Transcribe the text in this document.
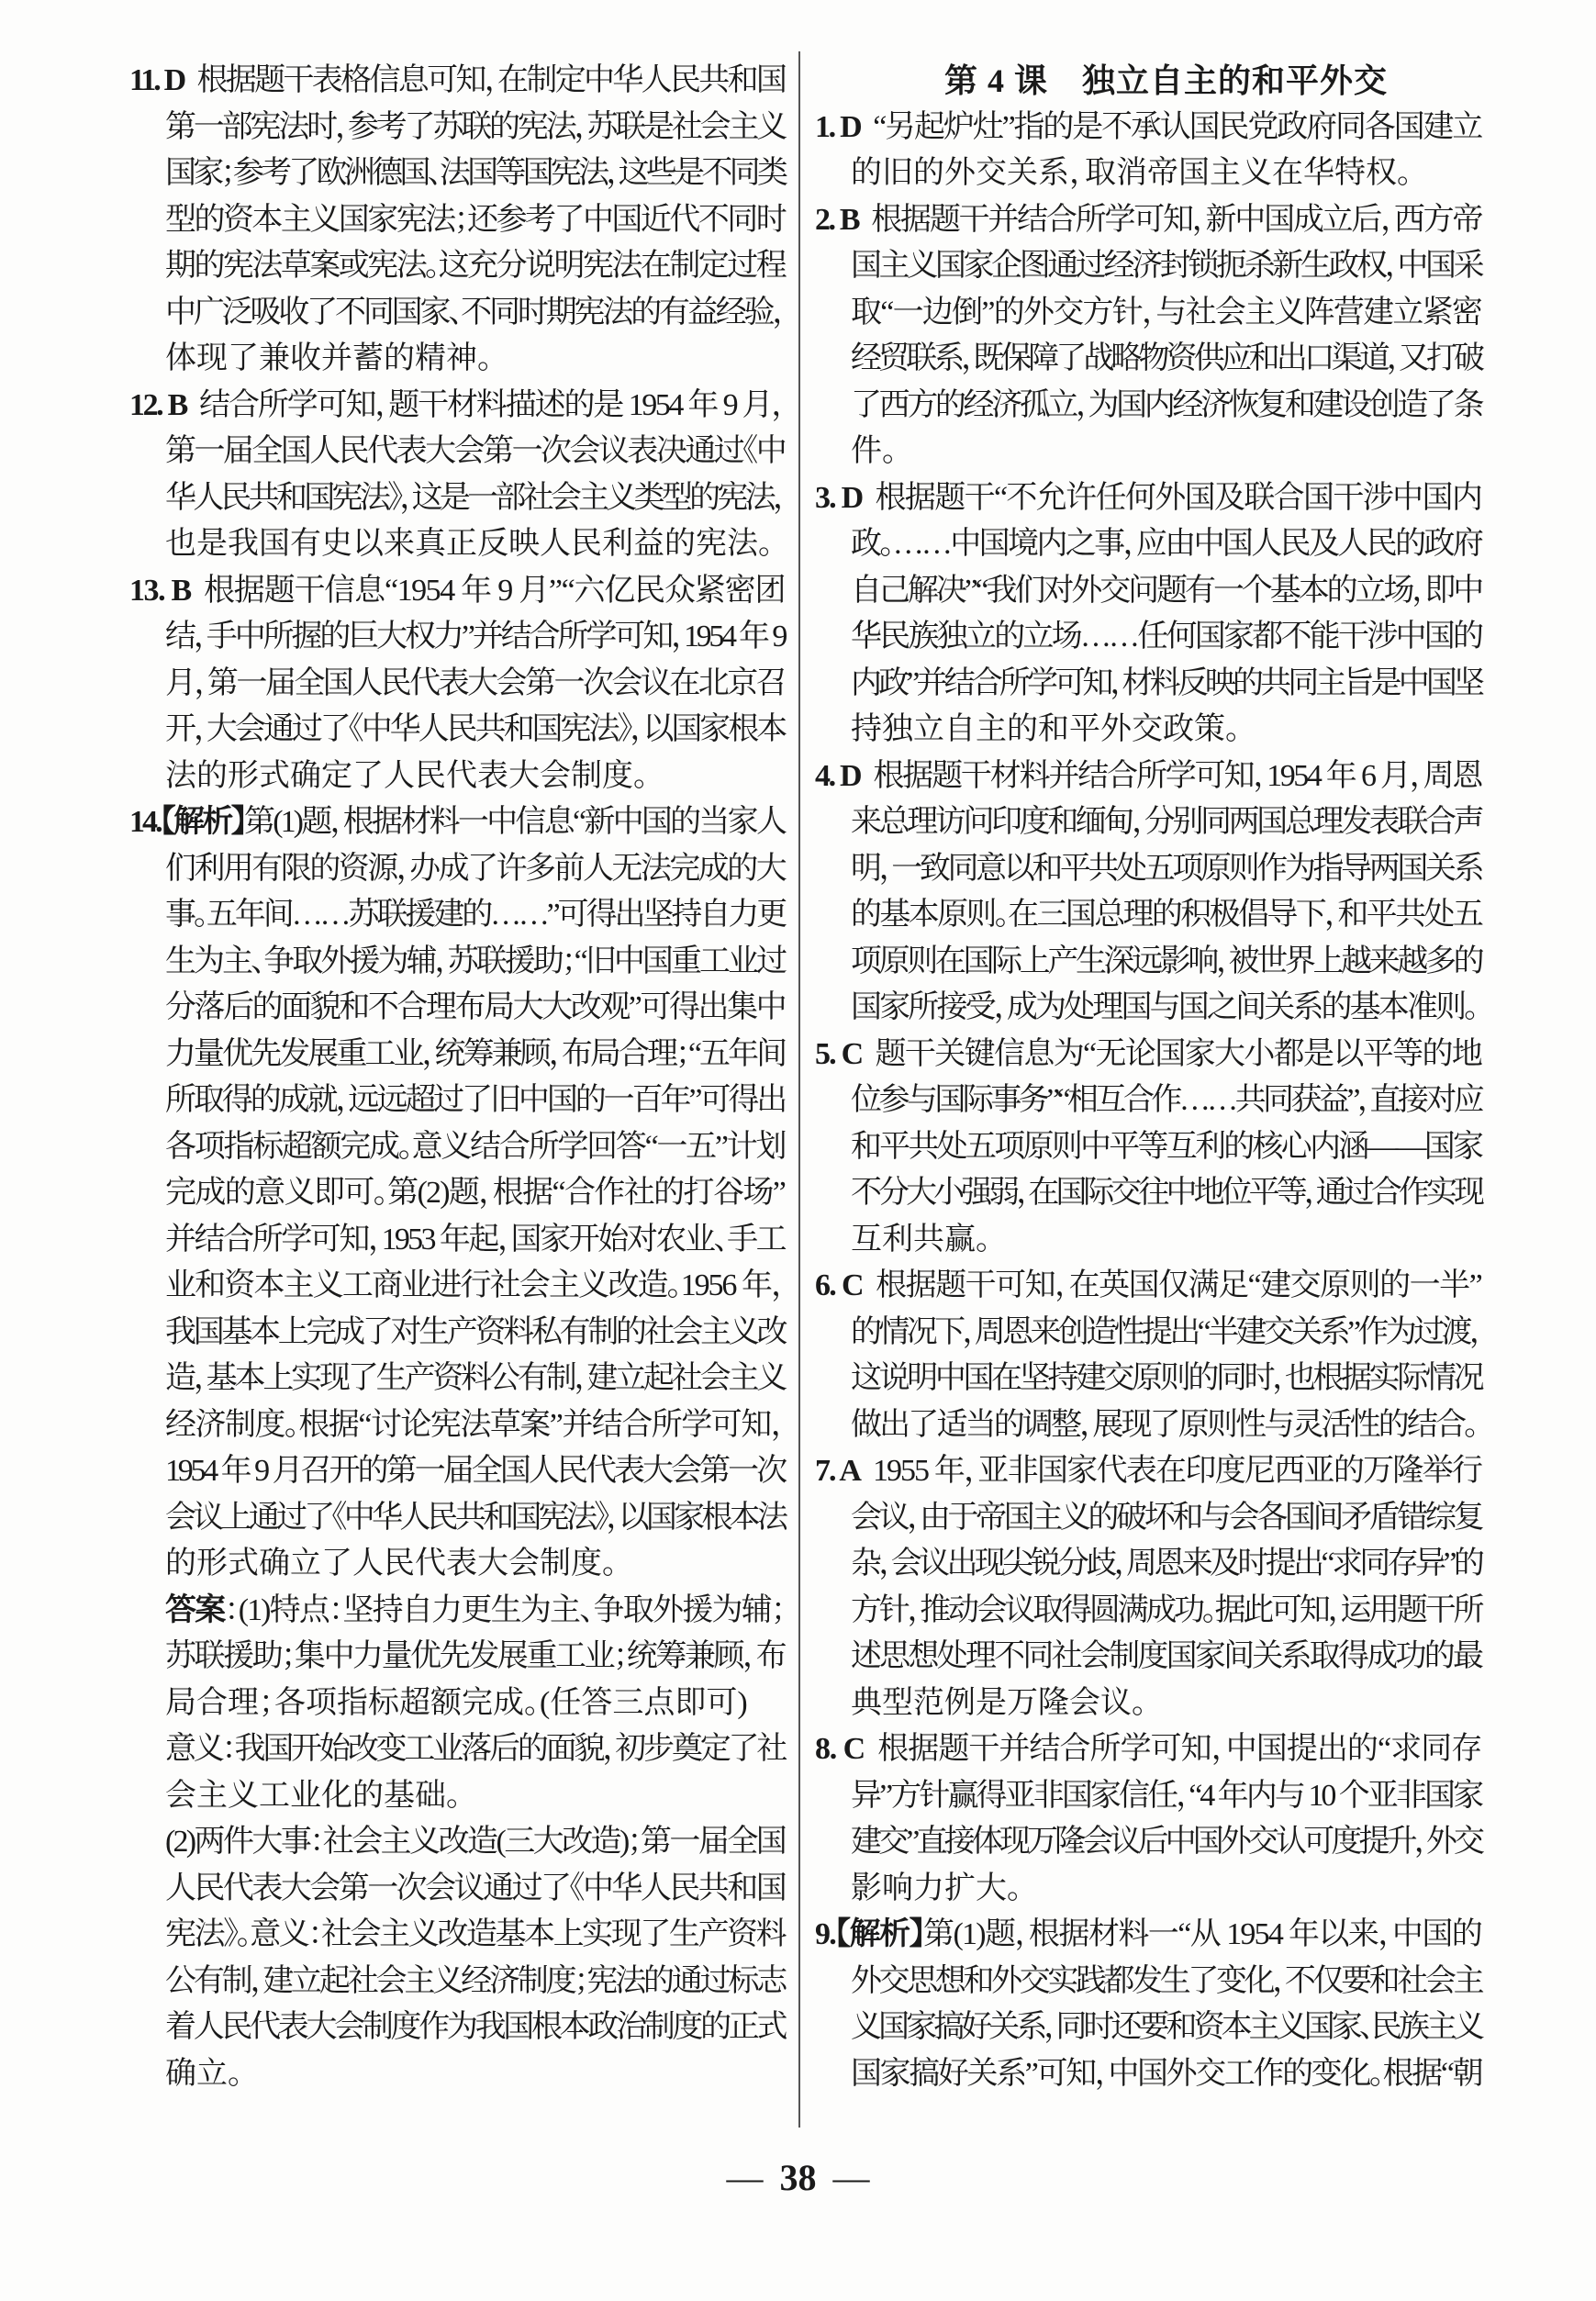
11. D 根据题干表格信息可知，在制定中华人民共和国
第一部宪法时，参考了苏联的宪法，苏联是社会主义
国家；参考了欧洲德国、法国等国宪法，这些是不同类
型的资本主义国家宪法；还参考了中国近代不同时
期的宪法草案或宪法。这充分说明宪法在制定过程
中广泛吸收了不同国家、不同时期宪法的有益经验，
体现了兼收并蓄的精神。
12. B 结合所学可知，题干材料描述的是 1954 年 9 月，
第一届全国人民代表大会第一次会议表决通过《中
华人民共和国宪法》，这是一部社会主义类型的宪法，
也是我国有史以来真正反映人民利益的宪法。
13. B 根据题干信息“1954 年 9 月”“六亿民众紧密团
结，手中所握的巨大权力”并结合所学可知，1954 年 9
月，第一届全国人民代表大会第一次会议在北京召
开，大会通过了《中华人民共和国宪法》，以国家根本
法的形式确定了人民代表大会制度。
14.【解析】第(1)题，根据材料一中信息“新中国的当家人
们利用有限的资源，办成了许多前人无法完成的大
事。五年间……苏联援建的……”可得出坚持自力更
生为主、争取外援为辅，苏联援助；“旧中国重工业过
分落后的面貌和不合理布局大大改观”可得出集中
力量优先发展重工业，统筹兼顾，布局合理；“五年间
所取得的成就，远远超过了旧中国的一百年”可得出
各项指标超额完成。意义结合所学回答“一五”计划
完成的意义即可。第(2)题，根据“合作社的打谷场”
并结合所学可知，1953 年起，国家开始对农业、手工
业和资本主义工商业进行社会主义改造。1956 年，
我国基本上完成了对生产资料私有制的社会主义改
造，基本上实现了生产资料公有制，建立起社会主义
经济制度。根据“讨论宪法草案”并结合所学可知，
1954 年 9 月召开的第一届全国人民代表大会第一次
会议上通过了《中华人民共和国宪法》，以国家根本法
的形式确立了人民代表大会制度。
答案：(1)特点：坚持自力更生为主、争取外援为辅；
苏联援助；集中力量优先发展重工业；统筹兼顾，布
局合理；各项指标超额完成。(任答三点即可)
意义：我国开始改变工业落后的面貌，初步奠定了社
会主义工业化的基础。
(2)两件大事：社会主义改造(三大改造)；第一届全国
人民代表大会第一次会议通过了《中华人民共和国
宪法》。意义：社会主义改造基本上实现了生产资料
公有制，建立起社会主义经济制度；宪法的通过标志
着人民代表大会制度作为我国根本政治制度的正式
确立。
第 4 课　独立自主的和平外交
1. D “另起炉灶”指的是不承认国民党政府同各国建立
的旧的外交关系，取消帝国主义在华特权。
2. B 根据题干并结合所学可知，新中国成立后，西方帝
国主义国家企图通过经济封锁扼杀新生政权，中国采
取“一边倒”的外交方针，与社会主义阵营建立紧密
经贸联系，既保障了战略物资供应和出口渠道，又打破
了西方的经济孤立，为国内经济恢复和建设创造了条
件。
3. D 根据题干“不允许任何外国及联合国干涉中国内
政。……中国境内之事，应由中国人民及人民的政府
自己解决”“我们对外交问题有一个基本的立场，即中
华民族独立的立场……任何国家都不能干涉中国的
内政”并结合所学可知，材料反映的共同主旨是中国坚
持独立自主的和平外交政策。
4. D 根据题干材料并结合所学可知，1954 年 6 月，周恩
来总理访问印度和缅甸，分别同两国总理发表联合声
明，一致同意以和平共处五项原则作为指导两国关系
的基本原则。在三国总理的积极倡导下，和平共处五
项原则在国际上产生深远影响，被世界上越来越多的
国家所接受，成为处理国与国之间关系的基本准则。
5. C 题干关键信息为“无论国家大小都是以平等的地
位参与国际事务”“相互合作……共同获益”，直接对应
和平共处五项原则中平等互利的核心内涵——国家
不分大小强弱，在国际交往中地位平等，通过合作实现
互利共赢。
6. C 根据题干可知，在英国仅满足“建交原则的一半”
的情况下，周恩来创造性提出“半建交关系”作为过渡，
这说明中国在坚持建交原则的同时，也根据实际情况
做出了适当的调整，展现了原则性与灵活性的结合。
7. A 1955 年，亚非国家代表在印度尼西亚的万隆举行
会议，由于帝国主义的破坏和与会各国间矛盾错综复
杂，会议出现尖锐分歧，周恩来及时提出“求同存异”的
方针，推动会议取得圆满成功。据此可知，运用题干所
述思想处理不同社会制度国家间关系取得成功的最
典型范例是万隆会议。
8. C 根据题干并结合所学可知，中国提出的“求同存
异”方针赢得亚非国家信任，“4 年内与 10 个亚非国家
建交”直接体现万隆会议后中国外交认可度提升，外交
影响力扩大。
9.【解析】第(1)题，根据材料一“从 1954 年以来，中国的
外交思想和外交实践都发生了变化，不仅要和社会主
义国家搞好关系，同时还要和资本主义国家、民族主义
国家搞好关系”可知，中国外交工作的变化。根据“朝
— 38 —
